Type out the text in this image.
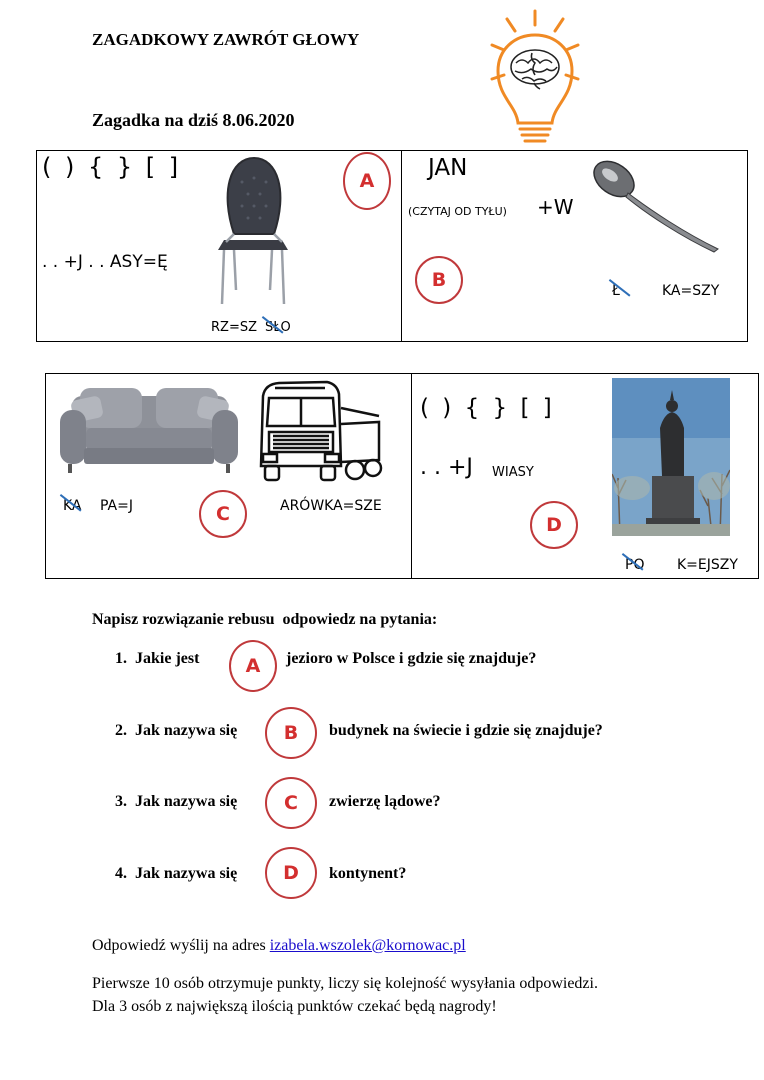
ZAGADKOWY ZAWRÓT GŁOWY
Zagadka na dziś 8.06.2020
( ) { } [ ]
. . +J . . ASY=Ę
RZ=SZ SŁO
A	JAN
(CZYTAJ OD TYŁU) +W
B	Ł	KA=SZY
KA PA=J	C	ARÓWKA=SZE
( ) { } [ ]
. . +J WIASY
D
PO K=EJSZY
Napisz rozwiązanie rebusu  odpowiedz na pytania:
1. Jakie jest	A	jezioro w Polsce i gdzie się znajduje?
2. Jak nazywa się	B	budynek na świecie i gdzie się znajduje?
3. Jak nazywa się	C	zwierzę lądowe?
4. Jak nazywa się	D	kontynent?
Odpowiedź wyślij na adres izabela.wszolek@kornowac.pl
Pierwsze 10 osób otrzymuje punkty, liczy się kolejność wysyłania odpowiedzi.
Dla 3 osób z największą ilością punktów czekać będą nagrody!
